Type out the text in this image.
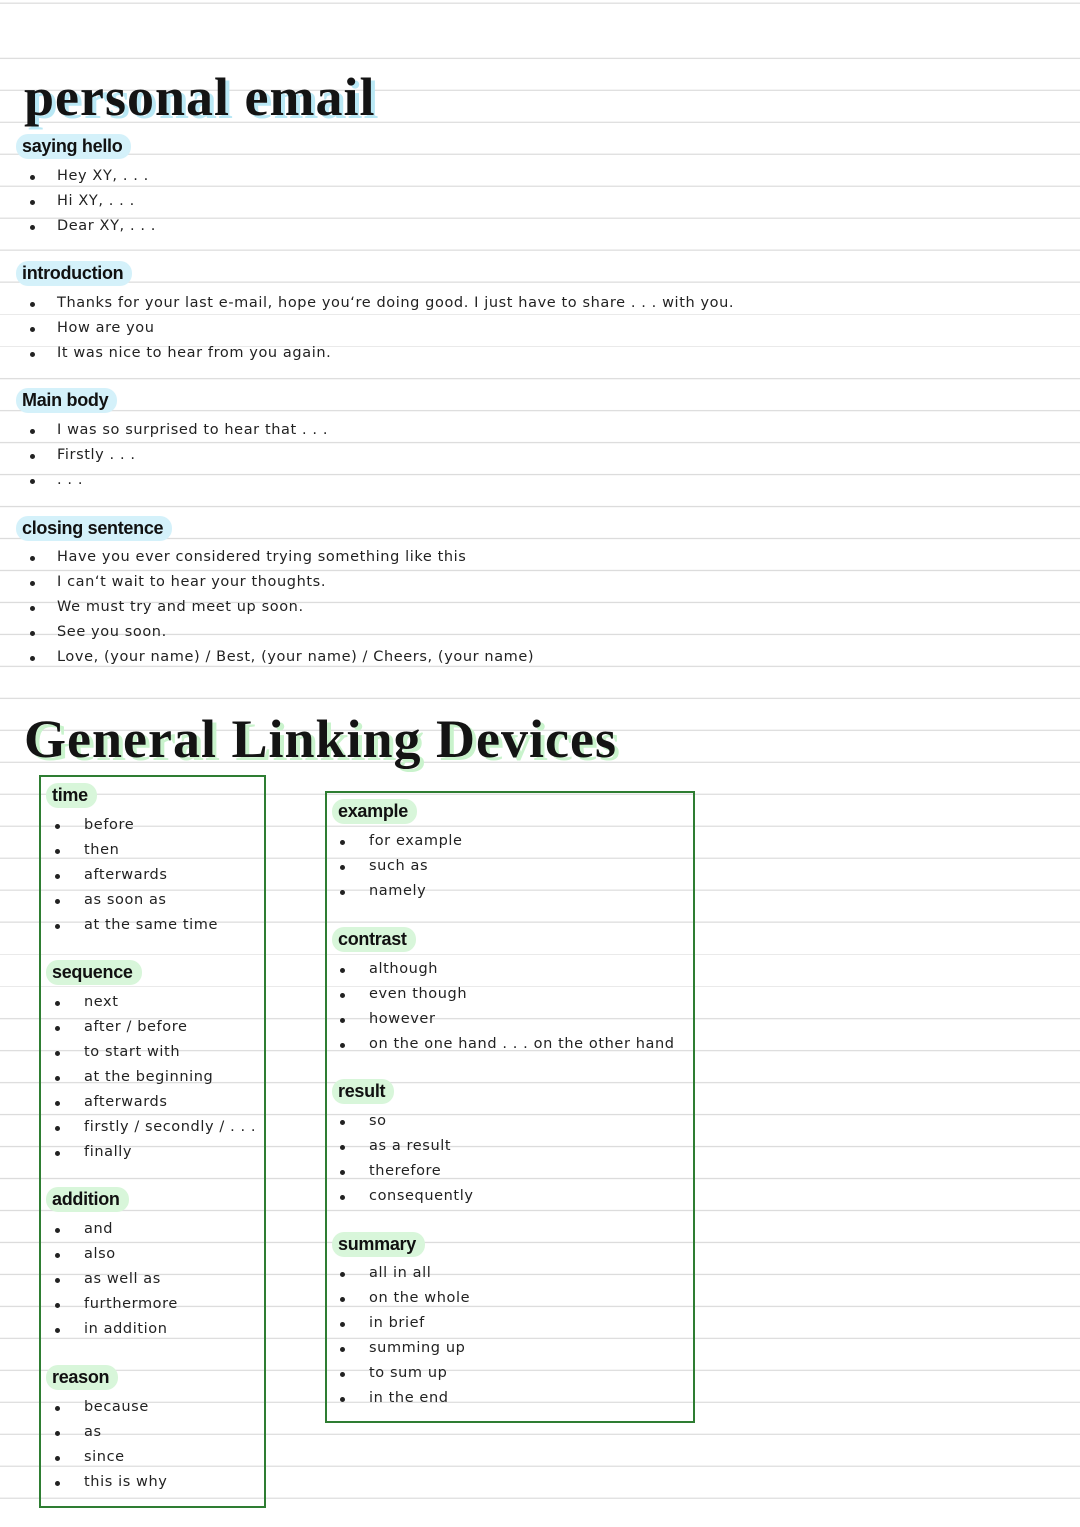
personal email
saying hello
Hey XY, . . .
Hi XY, . . .
Dear XY, . . .
introduction
Thanks for your last e-mail, hope you‘re doing good. I just have to share . . . with you.
How are you
It was nice to hear from you again.
Main body
I was so surprised to hear that . . .
Firstly . . .
. . .
closing sentence
Have you ever considered trying something like this
I can‘t wait to hear your thoughts.
We must try and meet up soon.
See you soon.
Love, (your name) / Best, (your name) / Cheers, (your name)
General Linking Devices
time
before
then
afterwards
as soon as
at the same time
sequence
next
after / before
to start with
at the beginning
afterwards
firstly / secondly / . . .
finally
addition
and
also
as well as
furthermore
in addition
reason
because
as
since
this is why
example
for example
such as
namely
contrast
although
even though
however
on the one hand . . . on the other hand
result
so
as a result
therefore
consequently
summary
all in all
on the whole
in brief
summing up
to sum up
in the end
